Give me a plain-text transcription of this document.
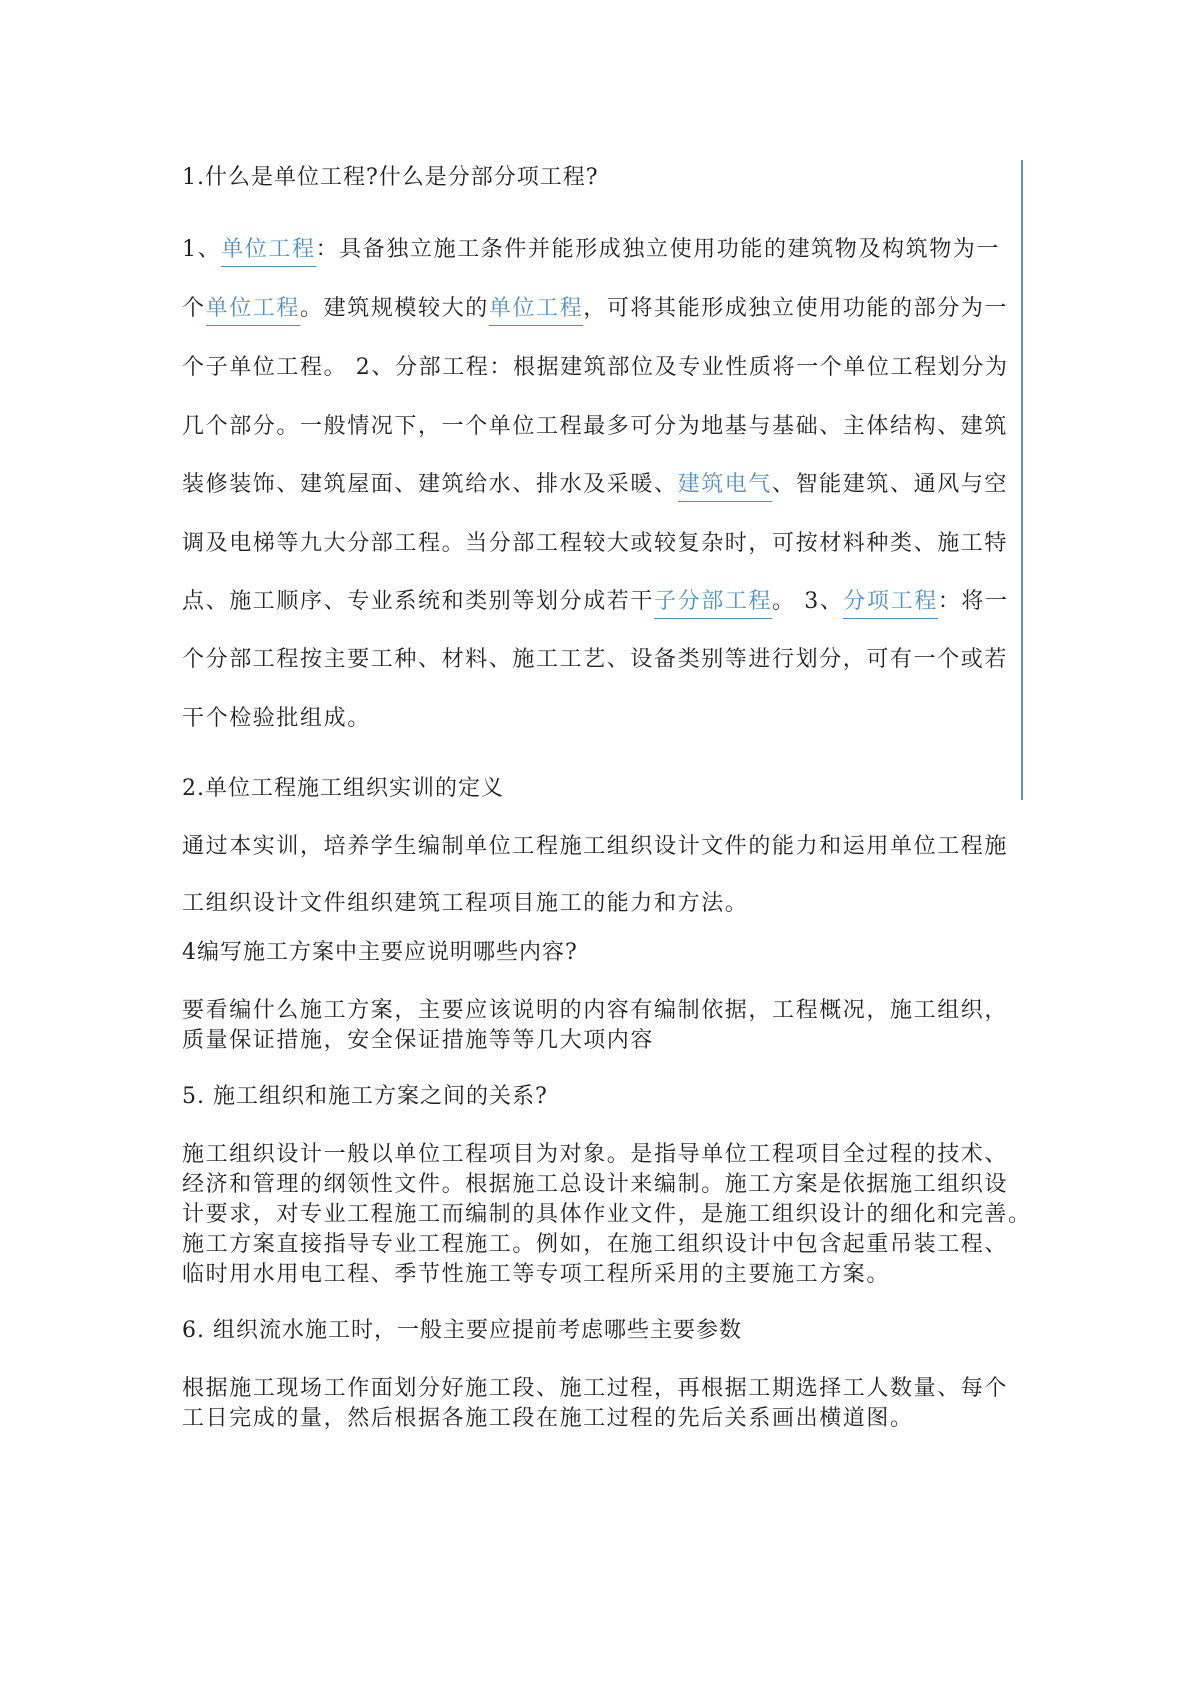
1.什么是单位工程?什么是分部分项工程?
1、单位工程：具备独立施工条件并能形成独立使用功能的建筑物及构筑物为一
个单位工程。建筑规模较大的单位工程，可将其能形成独立使用功能的部分为一
个子单位工程。 2、分部工程：根据建筑部位及专业性质将一个单位工程划分为
几个部分。一般情况下，一个单位工程最多可分为地基与基础、主体结构、建筑
装修装饰、建筑屋面、建筑给水、排水及采暖、建筑电气、智能建筑、通风与空
调及电梯等九大分部工程。当分部工程较大或较复杂时，可按材料种类、施工特
点、施工顺序、专业系统和类别等划分成若干子分部工程。 3、分项工程：将一
个分部工程按主要工种、材料、施工工艺、设备类别等进行划分，可有一个或若
干个检验批组成。
2.单位工程施工组织实训的定义
通过本实训，培养学生编制单位工程施工组织设计文件的能力和运用单位工程施
工组织设计文件组织建筑工程项目施工的能力和方法。
4编写施工方案中主要应说明哪些内容?
要看编什么施工方案，主要应该说明的内容有编制依据，工程概况，施工组织，
质量保证措施，安全保证措施等等几大项内容
5. 施工组织和施工方案之间的关系?
施工组织设计一般以单位工程项目为对象。是指导单位工程项目全过程的技术、
经济和管理的纲领性文件。根据施工总设计来编制。施工方案是依据施工组织设
计要求，对专业工程施工而编制的具体作业文件，是施工组织设计的细化和完善。
施工方案直接指导专业工程施工。例如，在施工组织设计中包含起重吊装工程、
临时用水用电工程、季节性施工等专项工程所采用的主要施工方案。
6. 组织流水施工时，一般主要应提前考虑哪些主要参数
根据施工现场工作面划分好施工段、施工过程，再根据工期选择工人数量、每个
工日完成的量，然后根据各施工段在施工过程的先后关系画出横道图。
